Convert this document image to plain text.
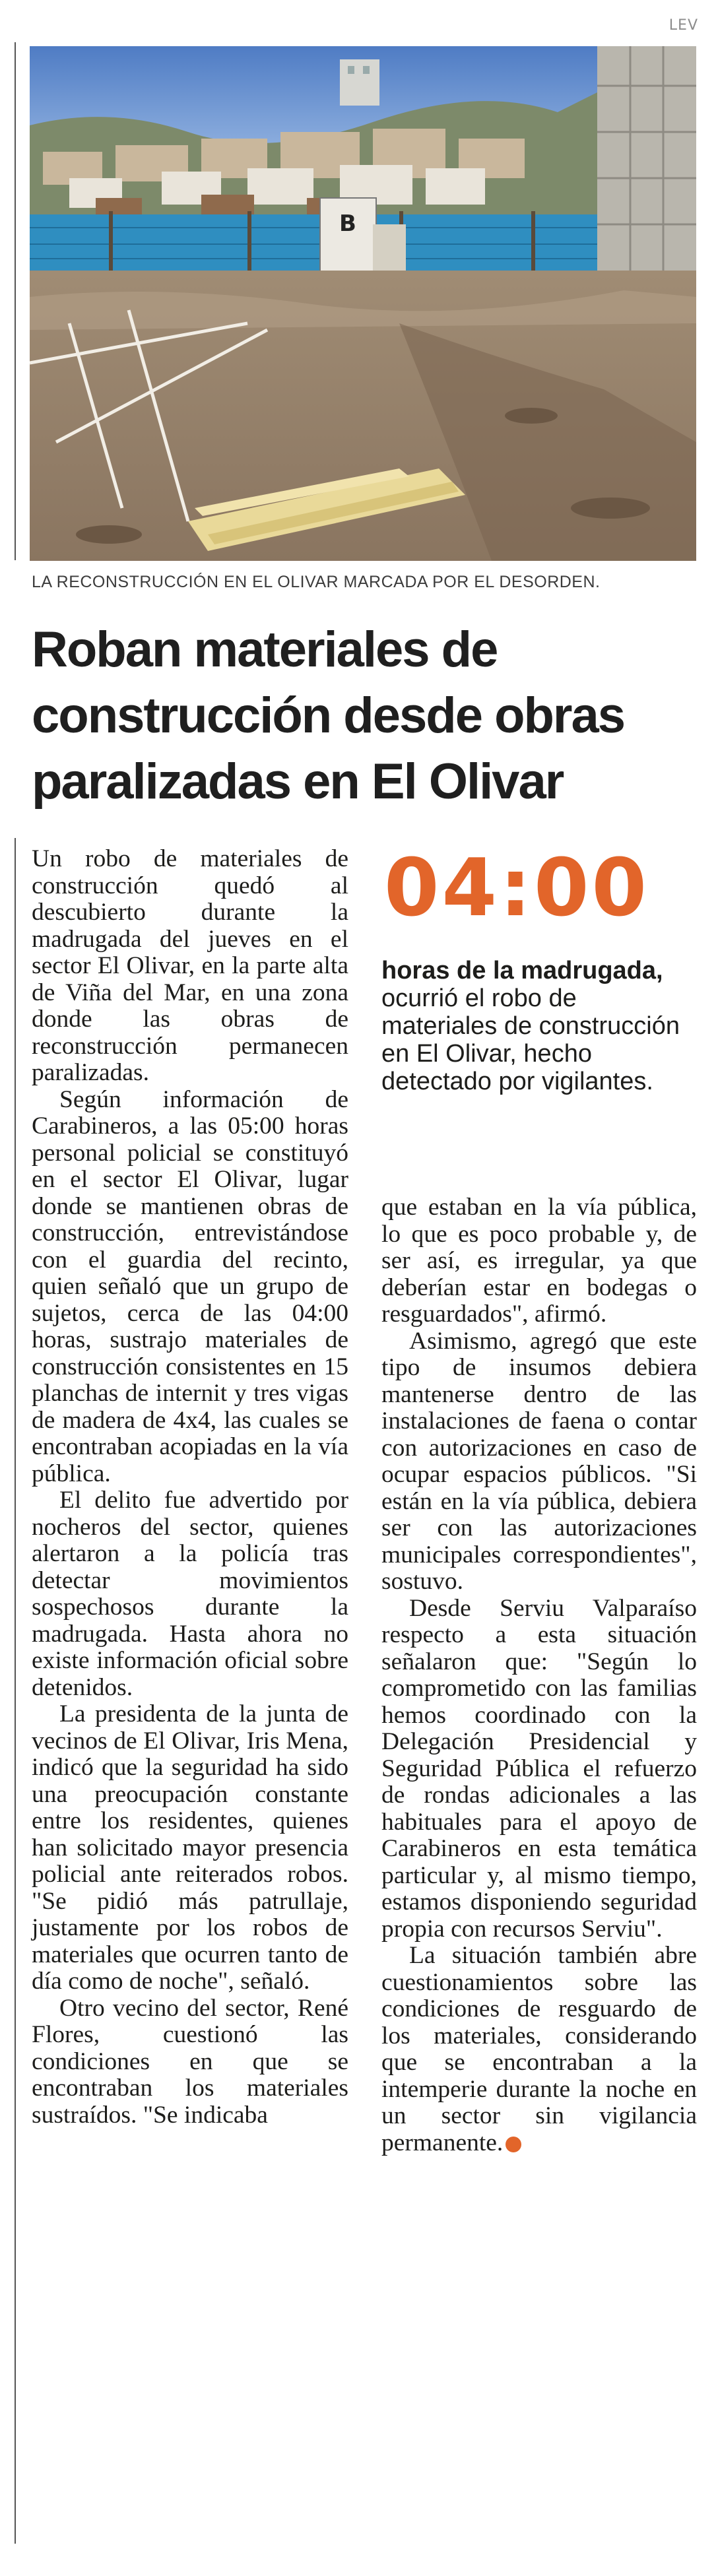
LEV
B
LA RECONSTRUCCIÓN EN EL OLIVAR MARCADA POR EL DESORDEN.
Roban materiales de construcción desde obras paralizadas en El Olivar

Un robo de materiales de construcción quedó al descubierto durante la madrugada del jueves en el sector El Olivar, en la parte alta de Viña del Mar, en una zona donde las obras de reconstrucción permanecen paralizadas.

Según información de Carabineros, a las 05:00 horas personal policial se constituyó en el sector El Olivar, lugar donde se mantienen obras de construcción, entrevistándose con el guardia del recinto, quien señaló que un grupo de sujetos, cerca de las 04:00 horas, sustrajo materiales de construcción consistentes en 15 planchas de internit y tres vigas de madera de 4x4, las cuales se encontraban acopiadas en la vía pública.

El delito fue advertido por nocheros del sector, quienes alertaron a la policía tras detectar movimientos sospechosos durante la madrugada. Hasta ahora no existe información oficial sobre detenidos.

La presidenta de la junta de vecinos de El Olivar, Iris Mena, indicó que la seguridad ha sido una preocupación constante entre los residentes, quienes han solicitado mayor presencia policial ante reiterados robos. "Se pidió más patrullaje, justamente por los robos de materiales que ocurren tanto de día como de noche", señaló.

Otro vecino del sector, René Flores, cuestionó las condiciones en que se encontraban los materiales sustraídos. "Se indicaba

04:00
horas de la madrugada, ocurrió el robo de materiales de construcción en El Olivar, hecho detectado por vigilantes.

que estaban en la vía pública, lo que es poco probable y, de ser así, es irregular, ya que deberían estar en bodegas o resguardados", afirmó.

Asimismo, agregó que este tipo de insumos debiera mantenerse dentro de las instalaciones de faena o contar con autorizaciones en caso de ocupar espacios públicos. "Si están en la vía pública, debiera ser con las autorizaciones municipales correspondientes", sostuvo.

Desde Serviu Valparaíso respecto a esta situación señalaron que: "Según lo comprometido con las familias hemos coordinado con la Delegación Presidencial y Seguridad Pública el refuerzo de rondas adicionales a las habituales para el apoyo de Carabineros en esta temática particular y, al mismo tiempo, estamos disponiendo seguridad propia con recursos Serviu".

La situación también abre cuestionamientos sobre las condiciones de resguardo de los materiales, considerando que se encontraban a la intemperie durante la noche en un sector sin vigilancia permanente.	✪
